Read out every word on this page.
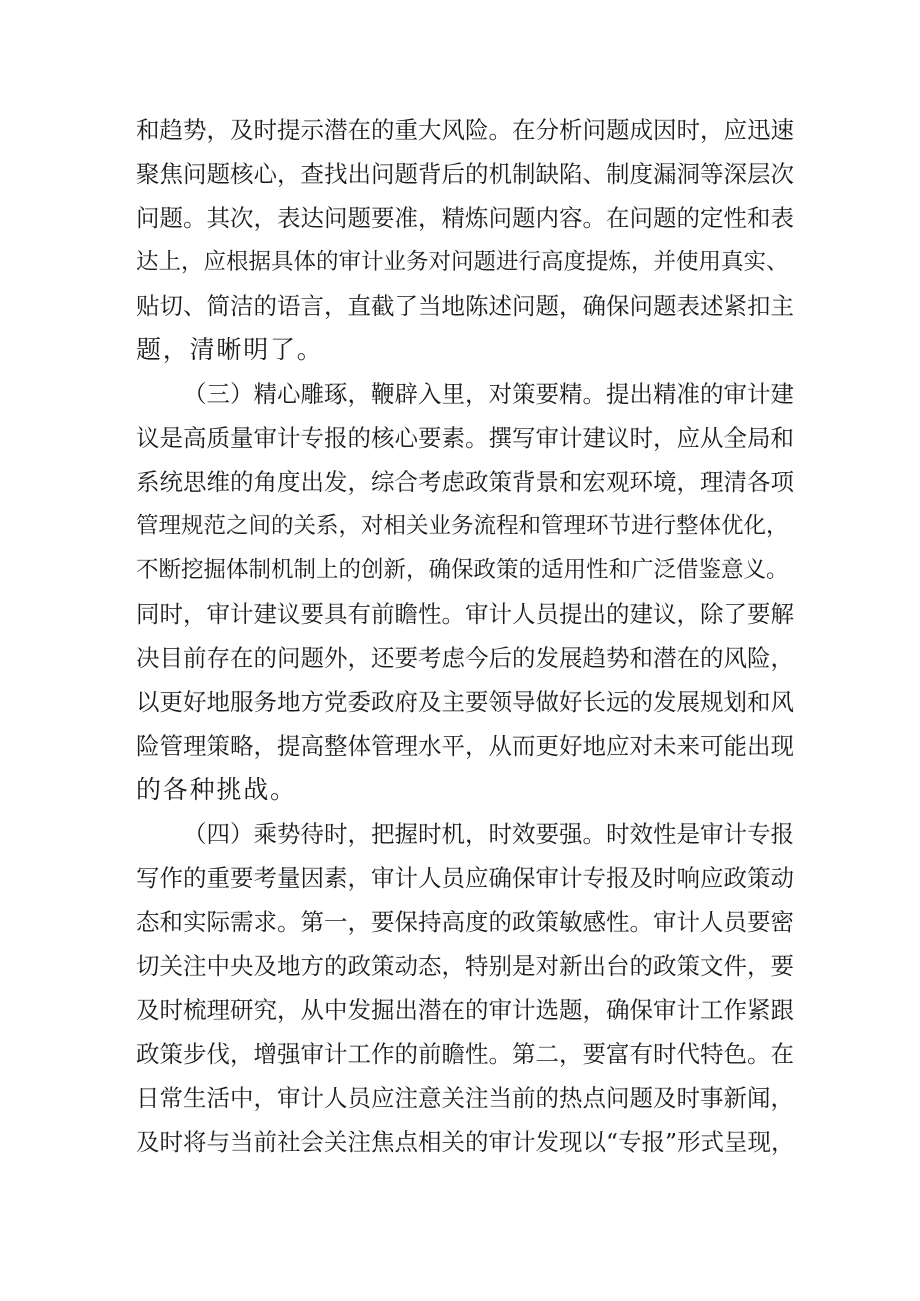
和趋势，及时提示潜在的重大风险。在分析问题成因时，应迅速
聚焦问题核心，查找出问题背后的机制缺陷、制度漏洞等深层次
问题。其次，表达问题要准，精炼问题内容。在问题的定性和表
达上，应根据具体的审计业务对问题进行高度提炼，并使用真实、
贴切、简洁的语言，直截了当地陈述问题，确保问题表述紧扣主
题，清晰明了。
（三）精心雕琢，鞭辟入里，对策要精。提出精准的审计建
议是高质量审计专报的核心要素。撰写审计建议时，应从全局和
系统思维的角度出发，综合考虑政策背景和宏观环境，理清各项
管理规范之间的关系，对相关业务流程和管理环节进行整体优化，
不断挖掘体制机制上的创新，确保政策的适用性和广泛借鉴意义。
同时，审计建议要具有前瞻性。审计人员提出的建议，除了要解
决目前存在的问题外，还要考虑今后的发展趋势和潜在的风险，
以更好地服务地方党委政府及主要领导做好长远的发展规划和风
险管理策略，提高整体管理水平，从而更好地应对未来可能出现
的各种挑战。
（四）乘势待时，把握时机，时效要强。时效性是审计专报
写作的重要考量因素，审计人员应确保审计专报及时响应政策动
态和实际需求。第一，要保持高度的政策敏感性。审计人员要密
切关注中央及地方的政策动态，特别是对新出台的政策文件，要
及时梳理研究，从中发掘出潜在的审计选题，确保审计工作紧跟
政策步伐，增强审计工作的前瞻性。第二，要富有时代特色。在
日常生活中，审计人员应注意关注当前的热点问题及时事新闻，
及时将与当前社会关注焦点相关的审计发现以“专报”形式呈现，
